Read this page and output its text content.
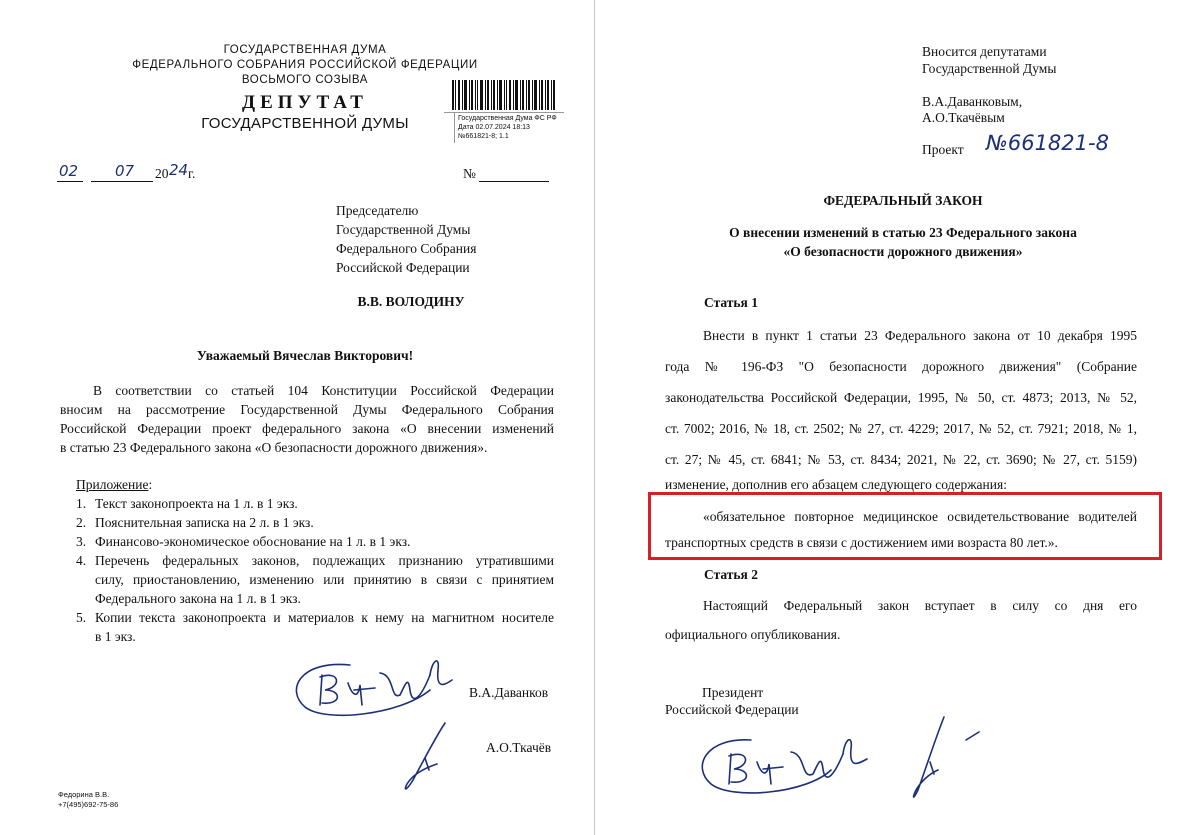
ГОСУДАРСТВЕННАЯ ДУМА
ФЕДЕРАЛЬНОГО СОБРАНИЯ РОССИЙСКОЙ ФЕДЕРАЦИИ
ВОСЬМОГО СОЗЫВА
ДЕПУТАТ
ГОСУДАРСТВЕННОЙ ДУМЫ	Государственная Дума ФС РФ
Дата 02.07.2024 18:13
№661821-8; 1.1
02 07 20 24 г.	№
Председателю
Государственной Думы
Федерального Собрания
Российской Федерации
В.В. ВОЛОДИНУ
Уважаемый Вячеслав Викторович!
В соответствии со статьей 104 Конституции Российской Федерации
вносим на рассмотрение Государственной Думы Федерального Собрания
Российской Федерации проект федерального закона «О внесении изменений
в статью 23 Федерального закона «О безопасности дорожного движения».
Приложение:
1. Текст законопроекта на 1 л. в 1 экз.
2. Пояснительная записка на 2 л. в 1 экз.
3. Финансово-экономическое обоснование на 1 л. в 1 экз.
4. Перечень федеральных законов, подлежащих признанию утратившими
силу, приостановлению, изменению или принятию в связи с принятием
Федерального закона на 1 л. в 1 экз.
5. Копии текста законопроекта и материалов к нему на магнитном носителе
в 1 экз.
В.А.Даванков
А.О.Ткачёв
Федорина В.В.
+7(495)692-75-86
Вносится депутатами
Государственной Думы
В.А.Даванковым,
А.О.Ткачёвым
Проект №661821-8
ФЕДЕРАЛЬНЫЙ ЗАКОН
О внесении изменений в статью 23 Федерального закона
«О безопасности дорожного движения»
Статья 1
Внести в пункт 1 статьи 23 Федерального закона от 10 декабря 1995
года № 196-ФЗ "О безопасности дорожного движения" (Собрание
законодательства Российской Федерации, 1995, № 50, ст. 4873; 2013, № 52,
ст. 7002; 2016, № 18, ст. 2502; № 27, ст. 4229; 2017, № 52, ст. 7921; 2018, № 1,
ст. 27; № 45, ст. 6841; № 53, ст. 8434; 2021, № 22, ст. 3690; № 27, ст. 5159)
изменение, дополнив его абзацем следующего содержания:
«обязательное повторное медицинское освидетельствование водителей
транспортных средств в связи с достижением ими возраста 80 лет.».
Статья 2
Настоящий Федеральный закон вступает в силу со дня его
официального опубликования.
Президент
Российской Федерации
